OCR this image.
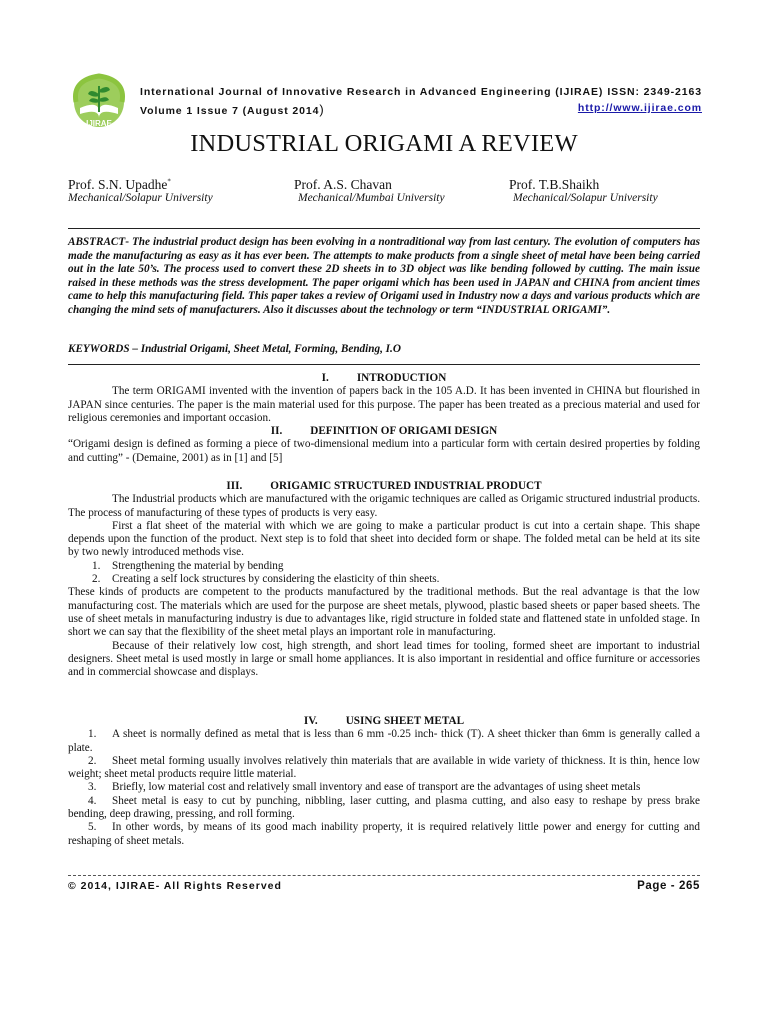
IJIRAE
International Journal of Innovative Research in Advanced Engineering (IJIRAE) ISSN: 2349-2163
Volume 1 Issue 7 (August 2014)	http://www.ijirae.com
INDUSTRIAL ORIGAMI A REVIEW
Prof. S.N. Upadhe*	Prof. A.S. Chavan	Prof. T.B.Shaikh
Mechanical/Solapur University	Mechanical/Mumbai University	Mechanical/Solapur University
ABSTRACT- The industrial product design has been evolving in a nontraditional way from last century. The evolution of computers has made the manufacturing as easy as it has ever been. The attempts to make products from a single sheet of metal have been being carried out in the late 50’s. The process used to convert these 2D sheets in to 3D object was like bending followed by cutting. The main issue raised in these methods was the stress development. The paper origami which has been used in JAPAN and CHINA from ancient times came to help this manufacturing field. This paper takes a review of Origami used in Industry now a days and various products which are changing the mind sets of manufacturers. Also it discusses about the technology or term “INDUSTRIAL ORIGAMI”.
KEYWORDS – Industrial Origami, Sheet Metal, Forming, Bending, I.O
I.	INTRODUCTION
The term ORIGAMI invented with the invention of papers back in the 105 A.D. It has been invented in CHINA but flourished in JAPAN since centuries. The paper is the main material used for this purpose. The paper has been treated as a precious material and used for religious ceremonies and important occasion.
II.	DEFINITION OF ORIGAMI DESIGN
“Origami design is defined as forming a piece of two-dimensional medium into a particular form with certain desired properties by folding and cutting” - (Demaine, 2001) as in [1] and [5]
III.	ORIGAMIC STRUCTURED INDUSTRIAL PRODUCT
The Industrial products which are manufactured with the origamic techniques are called as Origamic structured industrial products. The process of manufacturing of these types of products is very easy.
First a flat sheet of the material with which we are going to make a particular product is cut into a certain shape. This shape depends upon the function of the product. Next step is to fold that sheet into decided form or shape. The folded metal can be held at its site by two newly introduced methods vise.
1. Strengthening the material by bending
2. Creating a self lock structures by considering the elasticity of thin sheets.
These kinds of products are competent to the products manufactured by the traditional methods. But the real advantage is that the low manufacturing cost. The materials which are used for the purpose are sheet metals, plywood, plastic based sheets or paper based sheets. The use of sheet metals in manufacturing industry is due to advantages like, rigid structure in folded state and flattened state in unfolded stage. In short we can say that the flexibility of the sheet metal plays an important role in manufacturing.
Because of their relatively low cost, high strength, and short lead times for tooling, formed sheet are important to industrial designers. Sheet metal is used mostly in large or small home appliances. It is also important in residential and office furniture or accessories and in commercial showcase and displays.
IV.	USING SHEET METAL
1. A sheet is normally defined as metal that is less than 6 mm -0.25 inch- thick (T). A sheet thicker than 6mm is generally called a plate.
2. Sheet metal forming usually involves relatively thin materials that are available in wide variety of thickness. It is thin, hence low weight; sheet metal products require little material.
3. Briefly, low material cost and relatively small inventory and ease of transport are the advantages of using sheet metals
4. Sheet metal is easy to cut by punching, nibbling, laser cutting, and plasma cutting, and also easy to reshape by press brake bending, deep drawing, pressing, and roll forming.
5. In other words, by means of its good mach inability property, it is required relatively little power and energy for cutting and reshaping of sheet metals.
© 2014, IJIRAE- All Rights Reserved	Page - 265
